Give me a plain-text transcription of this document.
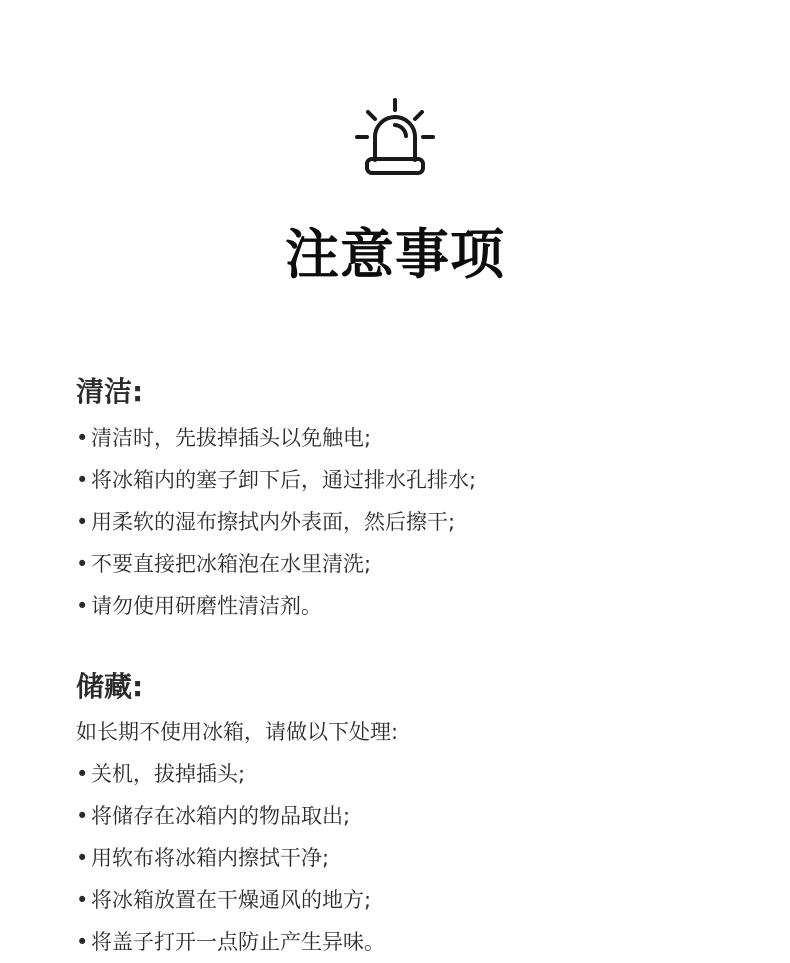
注意事项
清洁:
• 清洁时，先拔掉插头以免触电;
• 将冰箱内的塞子卸下后，通过排水孔排水;
• 用柔软的湿布擦拭内外表面，然后擦干;
• 不要直接把冰箱泡在水里清洗;
• 请勿使用研磨性清洁剂。
储藏:
如长期不使用冰箱，请做以下处理:
• 关机，拔掉插头;
• 将储存在冰箱内的物品取出;
• 用软布将冰箱内擦拭干净;
• 将冰箱放置在干燥通风的地方;
• 将盖子打开一点防止产生异味。
